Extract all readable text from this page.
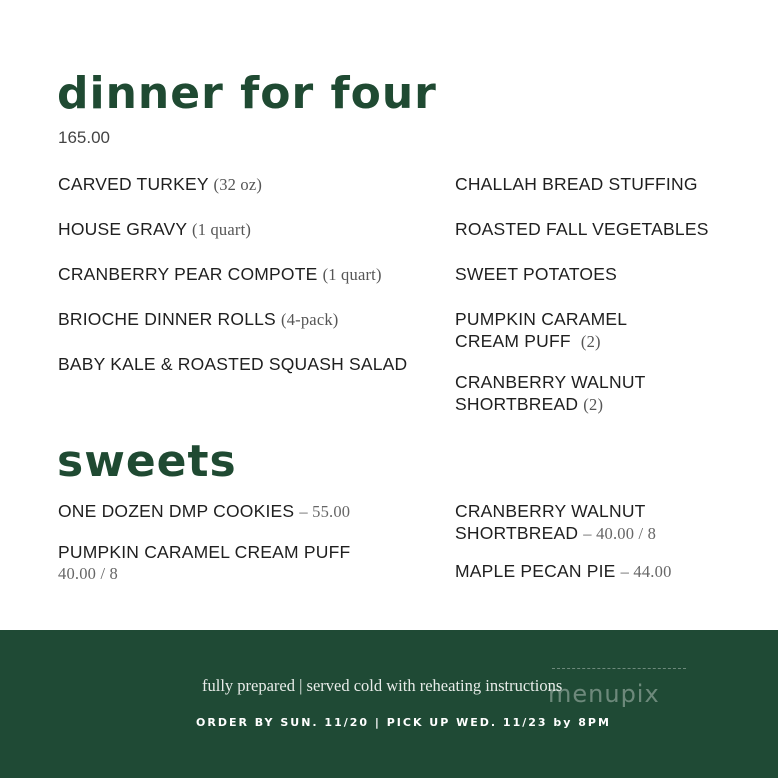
dinner for four
165.00
CARVED TURKEY (32 oz)
HOUSE GRAVY (1 quart)
CRANBERRY PEAR COMPOTE (1 quart)
BRIOCHE DINNER ROLLS (4-pack)
BABY KALE & ROASTED SQUASH SALAD
CHALLAH BREAD STUFFING
ROASTED FALL VEGETABLES
SWEET POTATOES
PUMPKIN CARAMEL
CREAM PUFF (2)
CRANBERRY WALNUT
SHORTBREAD (2)
sweets
ONE DOZEN DMP COOKIES – 55.00
PUMPKIN CARAMEL CREAM PUFF
40.00 / 8
CRANBERRY WALNUT
SHORTBREAD – 40.00 / 8
MAPLE PECAN PIE – 44.00
fully prepared | served cold with reheating instructions
ORDER BY SUN. 11/20 | PICK UP WED. 11/23 by 8PM
menupix
